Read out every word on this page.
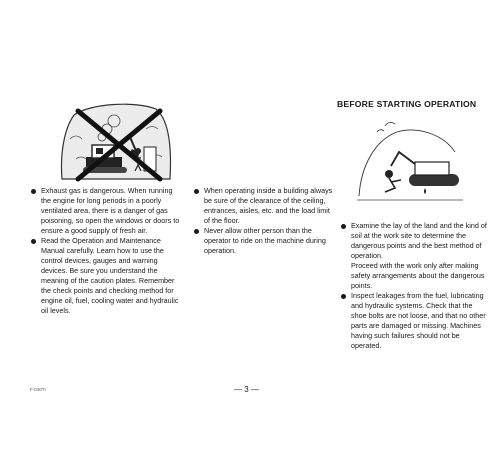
BEFORE STARTING OPERATION
Exhaust gas is dangerous. When running the engine for long periods in a poorly ventilated area, there is a danger of gas poisoning, so open the windows or doors to ensure a good supply of fresh air.
Read the Operation and Maintenance Manual carefully. Learn how to use the control devices, gauges and warning devices. Be sure you understand the meaning of the caution plates. Remember the check points and checking method for engine oil, fuel, cooling water and hydraulic oil levels.
When operating inside a building always be sure of the clearance of the ceiling, entrances, aisles, etc. and the load limit of the floor.
Never allow other person than the operator to ride on the machine during operation.
Examine the lay of the land and the kind of soil at the work site to determine the dangerous points and the best method of operation.
Proceed with the work only after making safety arrangements about the dangerous points.
Inspect leakages from the fuel, lubricating and hydraulic systems. Check that the shoe bolts are not loose, and that no other parts are damaged or missing. Machines having such failures should not be operated.
F-040TI	— 3 —
